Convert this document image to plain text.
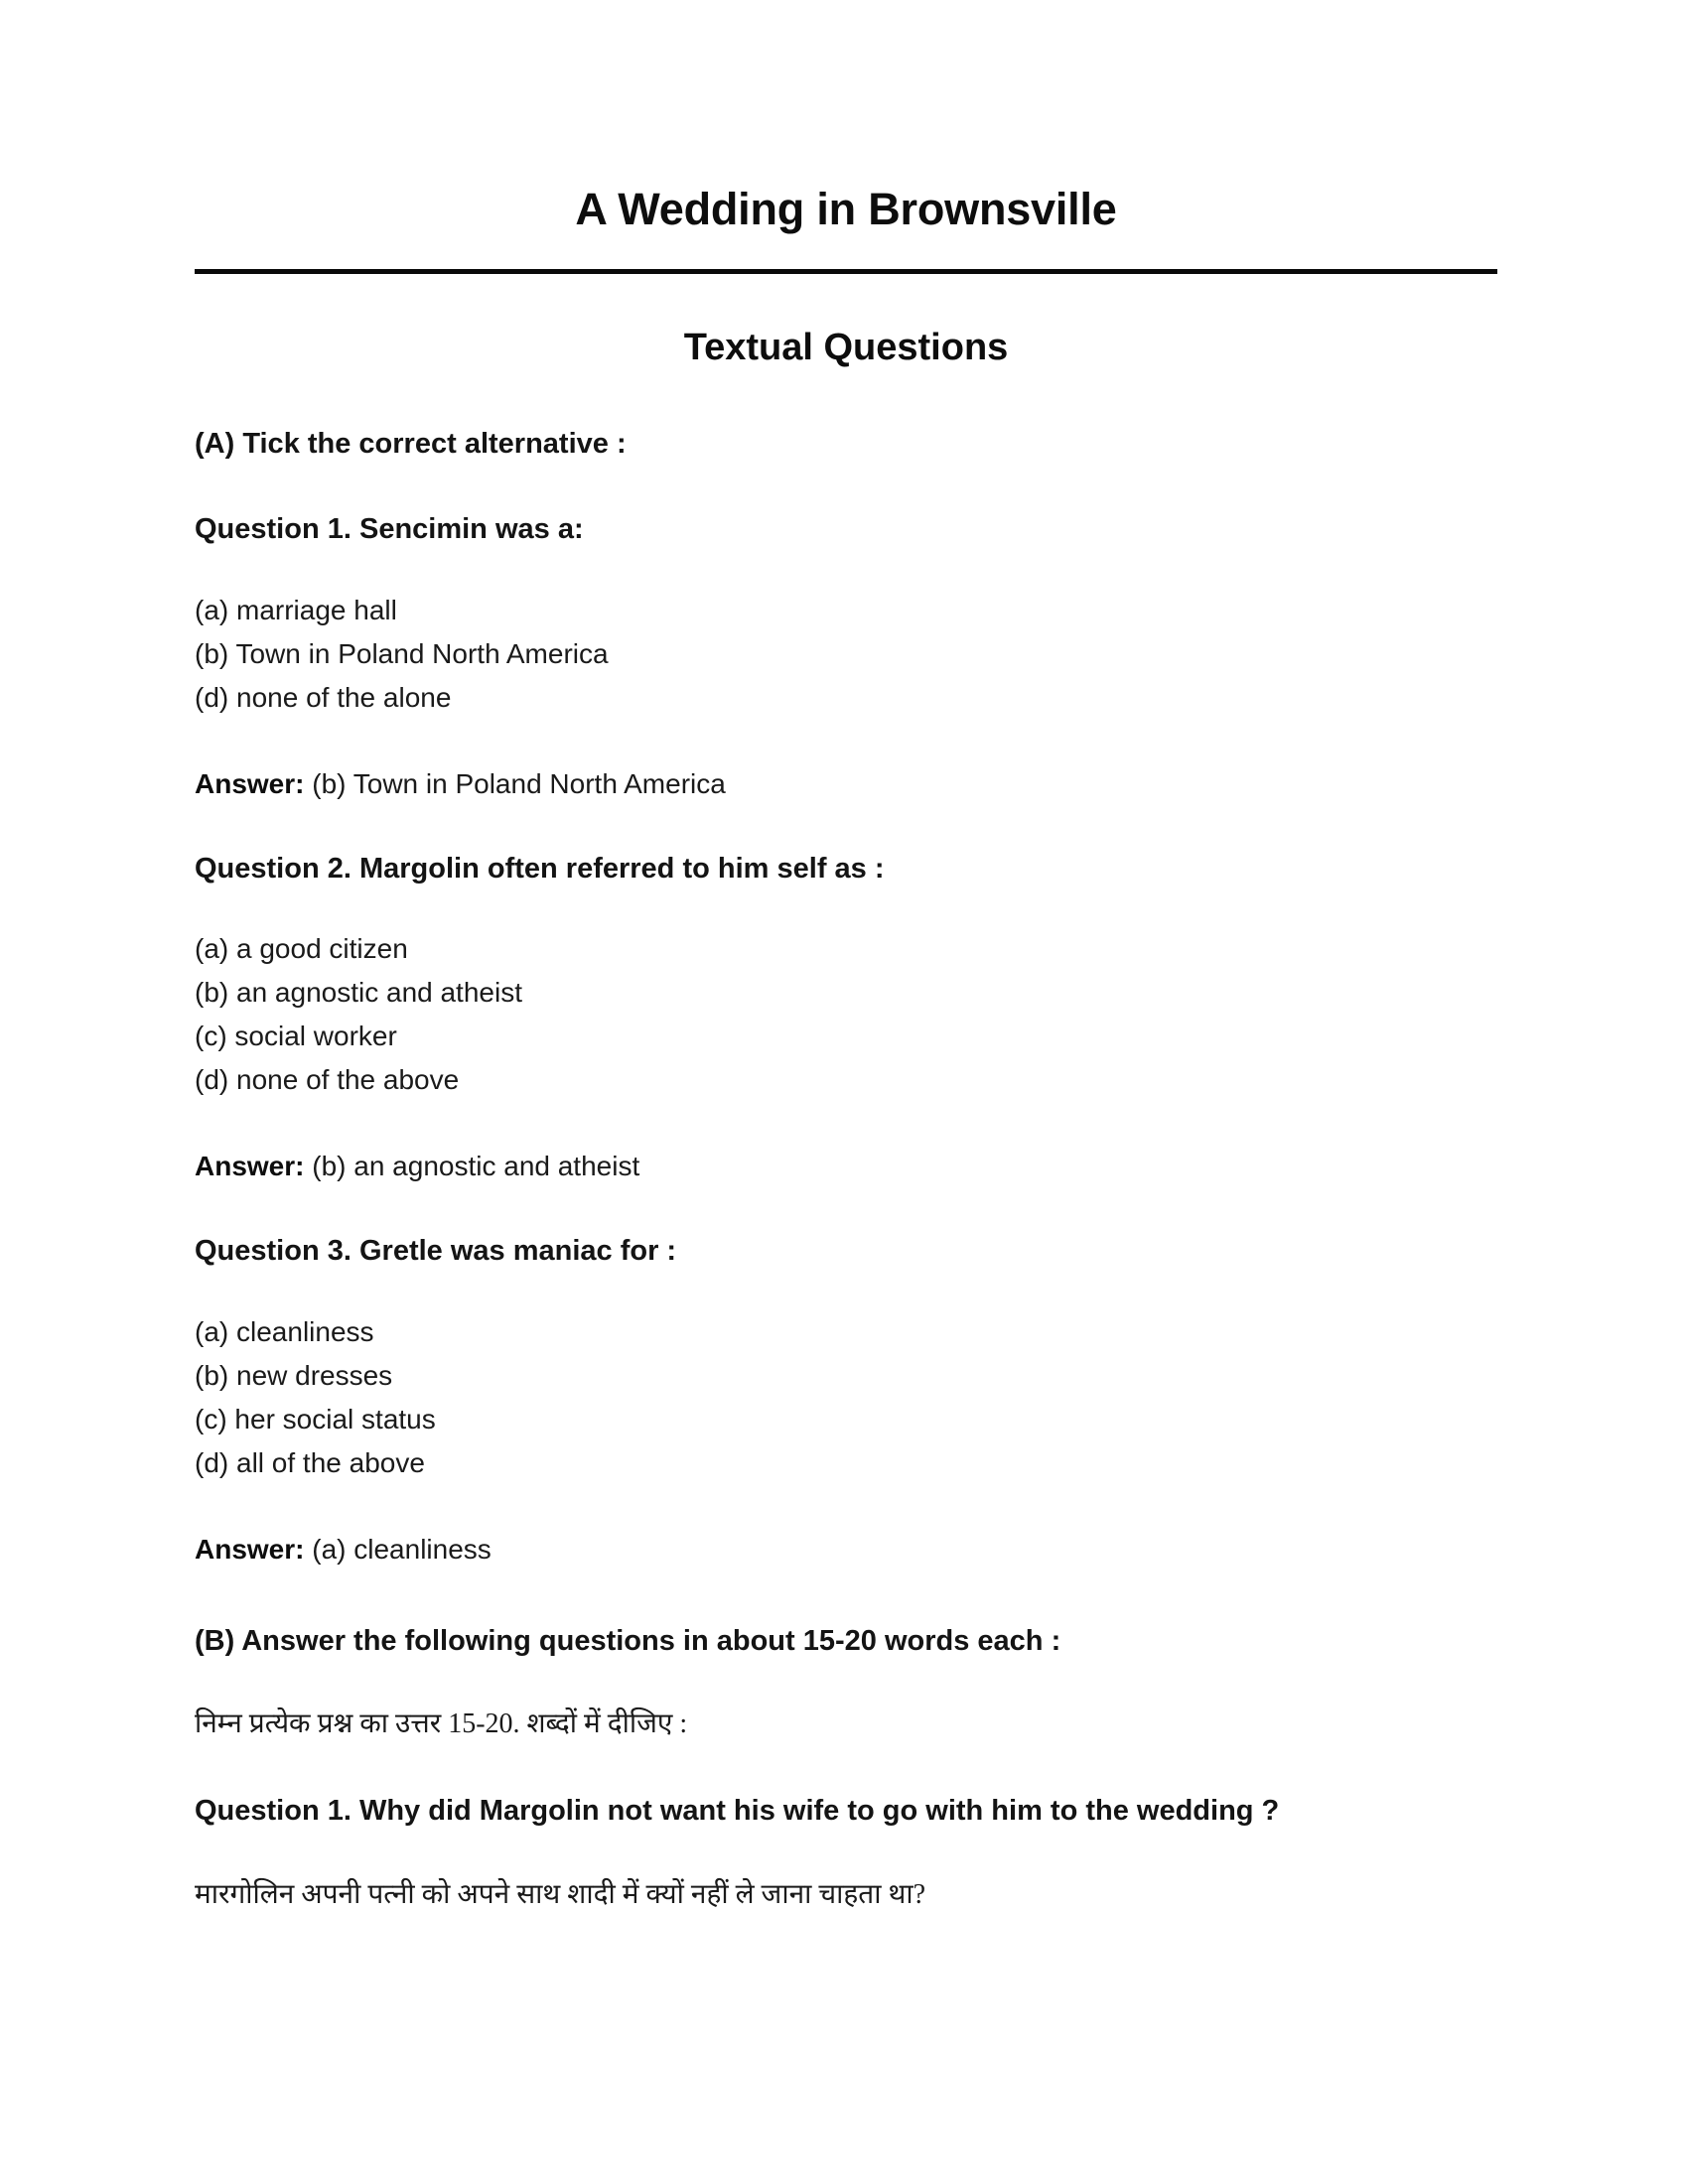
A Wedding in Brownsville
Textual Questions
(A) Tick the correct alternative :
Question 1. Sencimin was a:
(a) marriage hall
(b) Town in Poland North America
(d) none of the alone
Answer: (b) Town in Poland North America
Question 2. Margolin often referred to him self as :
(a) a good citizen
(b) an agnostic and atheist
(c) social worker
(d) none of the above
Answer: (b) an agnostic and atheist
Question 3. Gretle was maniac for :
(a) cleanliness
(b) new dresses
(c) her social status
(d) all of the above
Answer: (a) cleanliness
(B) Answer the following questions in about 15-20 words each :
निम्न प्रत्येक प्रश्न का उत्तर 15-20. शब्दों में दीजिए :
Question 1. Why did Margolin not want his wife to go with him to the wedding ?
मारगोलिन अपनी पत्नी को अपने साथ शादी में क्यों नहीं ले जाना चाहता था?
